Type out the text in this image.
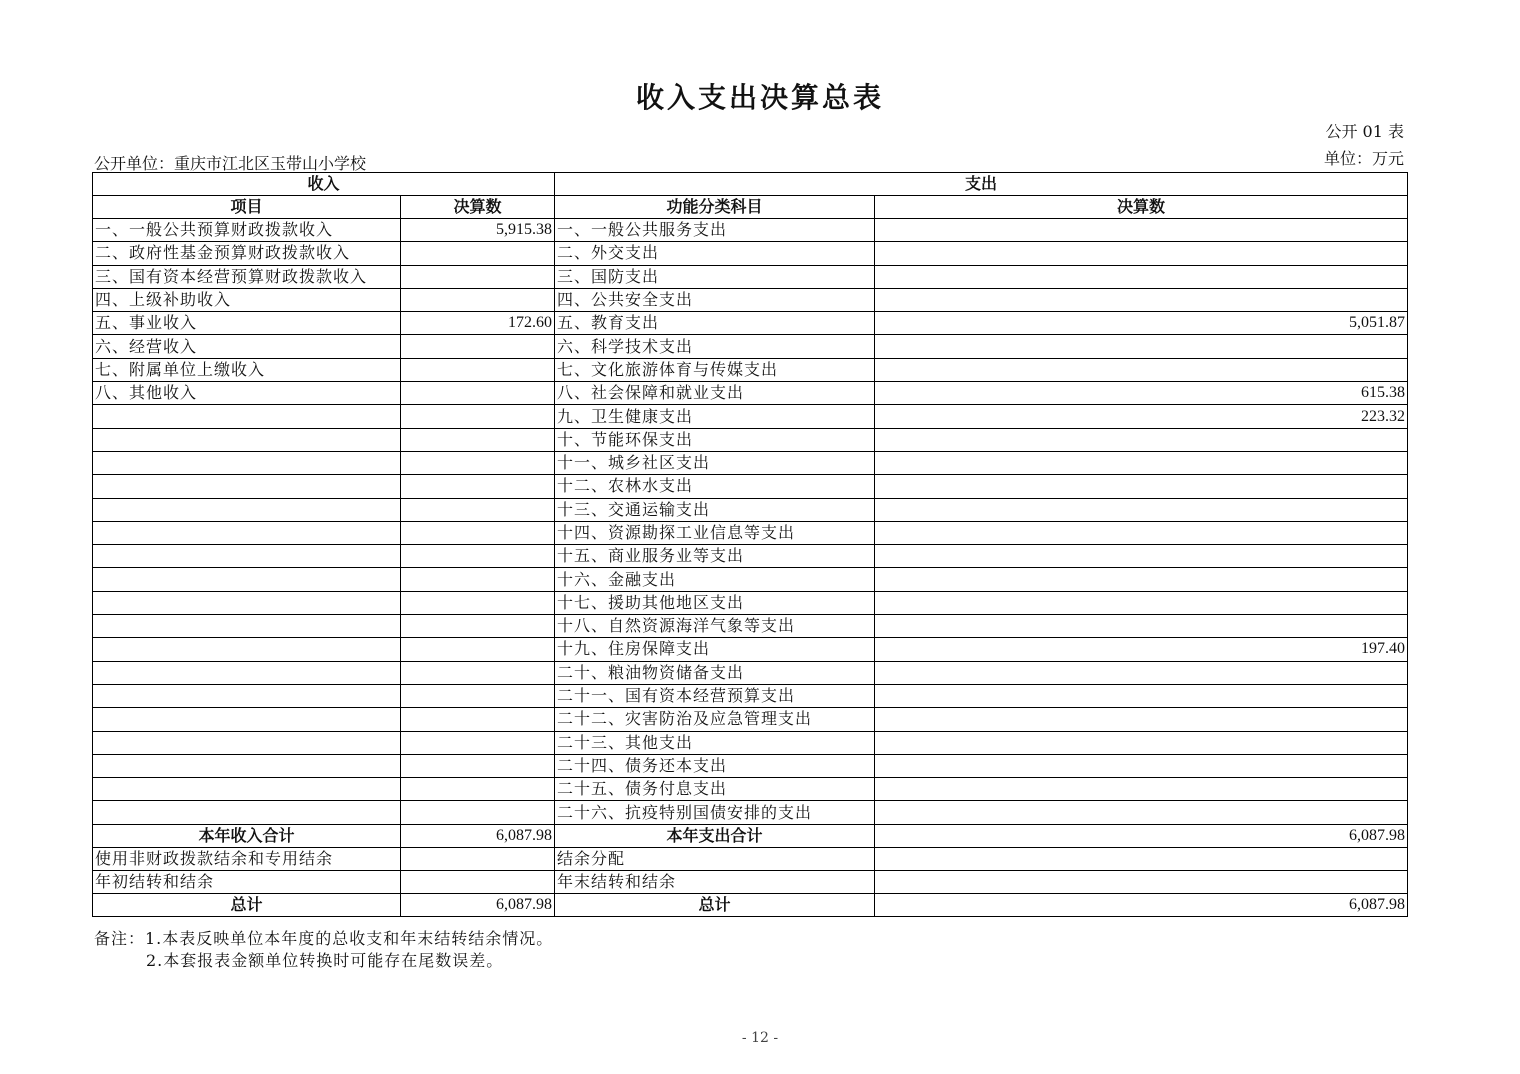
收入支出决算总表
公开 01 表
单位：万元
公开单位：重庆市江北区玉带山小学校
收入		支出	
项目	决算数	功能分类科目	决算数
一、一般公共预算财政拨款收入	5,915.38	一、一般公共服务支出	
二、政府性基金预算财政拨款收入		二、外交支出	
三、国有资本经营预算财政拨款收入		三、国防支出	
四、上级补助收入		四、公共安全支出	
五、事业收入	172.60	五、教育支出	5,051.87
六、经营收入		六、科学技术支出	
七、附属单位上缴收入		七、文化旅游体育与传媒支出	
八、其他收入		八、社会保障和就业支出	615.38
		九、卫生健康支出	223.32
		十、节能环保支出	
		十一、城乡社区支出	
		十二、农林水支出	
		十三、交通运输支出	
		十四、资源勘探工业信息等支出	
		十五、商业服务业等支出	
		十六、金融支出	
		十七、援助其他地区支出	
		十八、自然资源海洋气象等支出	
		十九、住房保障支出	197.40
		二十、粮油物资储备支出	
		二十一、国有资本经营预算支出	
		二十二、灾害防治及应急管理支出	
		二十三、其他支出	
		二十四、债务还本支出	
		二十五、债务付息支出	
		二十六、抗疫特别国债安排的支出	
本年收入合计	6,087.98	本年支出合计	6,087.98
使用非财政拨款结余和专用结余		结余分配	
年初结转和结余		年末结转和结余	
总计	6,087.98	总计	6,087.98
备注：1.本表反映单位本年度的总收支和年末结转结余情况。
2.本套报表金额单位转换时可能存在尾数误差。
- 12 -
